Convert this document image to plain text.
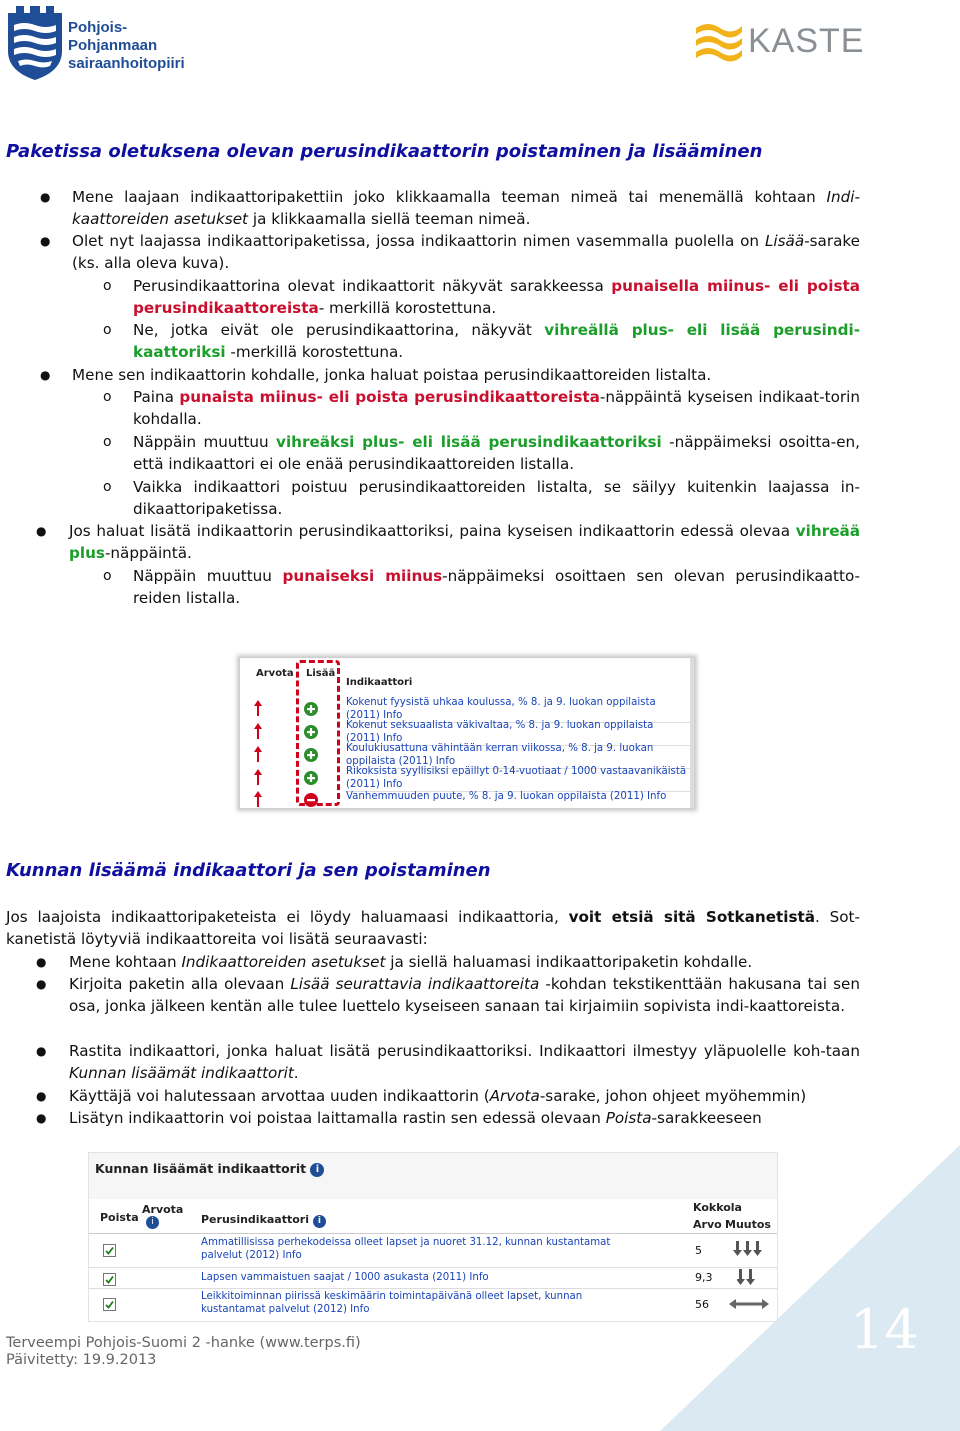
Pohjois-Pohjanmaan
sairaanhoitopiiri
KASTE
Paketissa oletuksena olevan perusindikaattorin poistaminen ja lisääminen
● Mene laajaan indikaattoripakettiin joko klikkaamalla teeman nimeä tai menemällä kohtaan Indi-kaattoreiden asetukset ja klikkaamalla siellä teeman nimeä.

● Olet nyt laajassa indikaattoripaketissa, jossa indikaattorin nimen vasemmalla puolella on Lisää-sarake (ks. alla oleva kuva).

o Perusindikaattorina olevat indikaattorit näkyvät sarakkeessa punaisella miinus- eli poista perusindikaattoreista- merkillä korostettuna.

o Ne, jotka eivät ole perusindikaattorina, näkyvät vihreällä plus- eli lisää perusindi-kaattoriksi -merkillä korostettuna.

● Mene sen indikaattorin kohdalle, jonka haluat poistaa perusindikaattoreiden listalta.

o Paina punaista miinus- eli poista perusindikaattoreista-näppäintä kyseisen indikaat-torin kohdalla.

o Näppäin muuttuu vihreäksi plus- eli lisää perusindikaattoriksi -näppäimeksi osoitta-en, että indikaattori ei ole enää perusindikaattoreiden listalla.

o Vaikka indikaattori poistuu perusindikaattoreiden listalta, se säilyy kuitenkin laajassa in-dikaattoripaketissa.

● Jos haluat lisätä indikaattorin perusindikaattoriksi, paina kyseisen indikaattorin edessä olevaa vihreää plus-näppäintä.

o Näppäin muuttuu punaiseksi miinus-näppäimeksi osoittaen sen olevan perusindikaatto-reiden listalla.

Arvota Lisää
Indikaattori
Kokenut fyysistä uhkaa koulussa, % 8. ja 9. luokan oppilaista (2011) Info
Kokenut seksuaalista väkivaltaa, % 8. ja 9. luokan oppilaista (2011) Info
Koulukiusattuna vähintään kerran viikossa, % 8. ja 9. luokan oppilaista (2011) Info
Rikoksista syyllisiksi epäillyt 0-14-vuotiaat / 1000 vastaavanikäistä (2011) Info
Vanhemmuuden puute, % 8. ja 9. luokan oppilaista (2011) Info
Kunnan lisäämä indikaattori ja sen poistaminen

Jos laajoista indikaattoripaketeista ei löydy haluamaasi indikaattoria, voit etsiä sitä Sotkanetistä. Sot-kanetistä löytyviä indikaattoreita voi lisätä seuraavasti:

● Mene kohtaan Indikaattoreiden asetukset ja siellä haluamasi indikaattoripaketin kohdalle.

● Kirjoita paketin alla olevaan Lisää seurattavia indikaattoreita -kohdan tekstikenttään hakusana tai sen osa, jonka jälkeen kentän alle tulee luettelo kyseiseen sanaan tai kirjaimiin sopivista indi-kaattoreista.

● Rastita indikaattori, jonka haluat lisätä perusindikaattoriksi. Indikaattori ilmestyy yläpuolelle koh-taan Kunnan lisäämät indikaattorit.

● Käyttäjä voi halutessaan arvottaa uuden indikaattorin (Arvota-sarake, johon ohjeet myöhemmin)

● Lisätyn indikaattorin voi poistaa laittamalla rastin sen edessä olevaan Poista-sarakkeeseen

Kunnan lisäämät indikaattorit i
Poista
Arvota
i	Perusindikaattori i
Kokkola
Arvo Muutos
Ammatillisissa perhekodeissa olleet lapset ja nuoret 31.12, kunnan kustantamat
palvelut (2012) Info	5
Lapsen vammaistuen saajat / 1000 asukasta (2011) Info	9,3
Leikkitoiminnan piirissä keskimäärin toimintapäivänä olleet lapset, kunnan
kustantamat palvelut (2012) Info	56
Terveempi Pohjois-Suomi 2 -hanke (www.terps.fi)
Päivitetty: 19.9.2013	14
